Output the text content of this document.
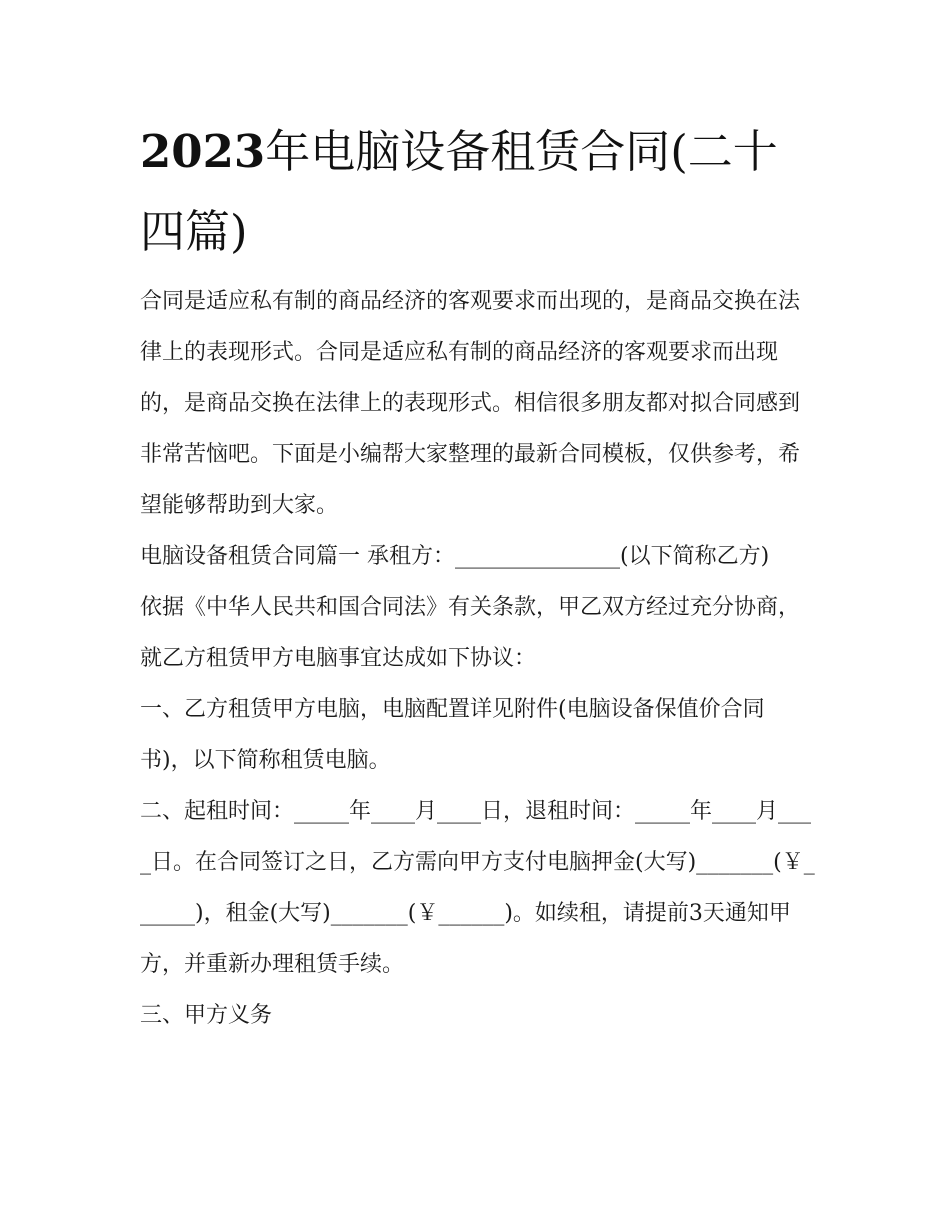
2023年电脑设备租赁合同(二十四篇)

合同是适应私有制的商品经济的客观要求而出现的，是商品交换在法律上的表现形式。合同是适应私有制的商品经济的客观要求而出现的，是商品交换在法律上的表现形式。相信很多朋友都对拟合同感到非常苦恼吧。下面是小编帮大家整理的最新合同模板，仅供参考，希望能够帮助到大家。

电脑设备租赁合同篇一 承租方：_______________(以下简称乙方)

依据《中华人民共和国合同法》有关条款，甲乙双方经过充分协商，就乙方租赁甲方电脑事宜达成如下协议：

一、乙方租赁甲方电脑，电脑配置详见附件(电脑设备保值价合同书)，以下简称租赁电脑。

二、起租时间：_____年____月____日，退租时间：_____年____月____日。在合同签订之日，乙方需向甲方支付电脑押金(大写)_______(￥______)，租金(大写)_______(￥______)。如续租，请提前3天通知甲方，并重新办理租赁手续。

三、甲方义务
